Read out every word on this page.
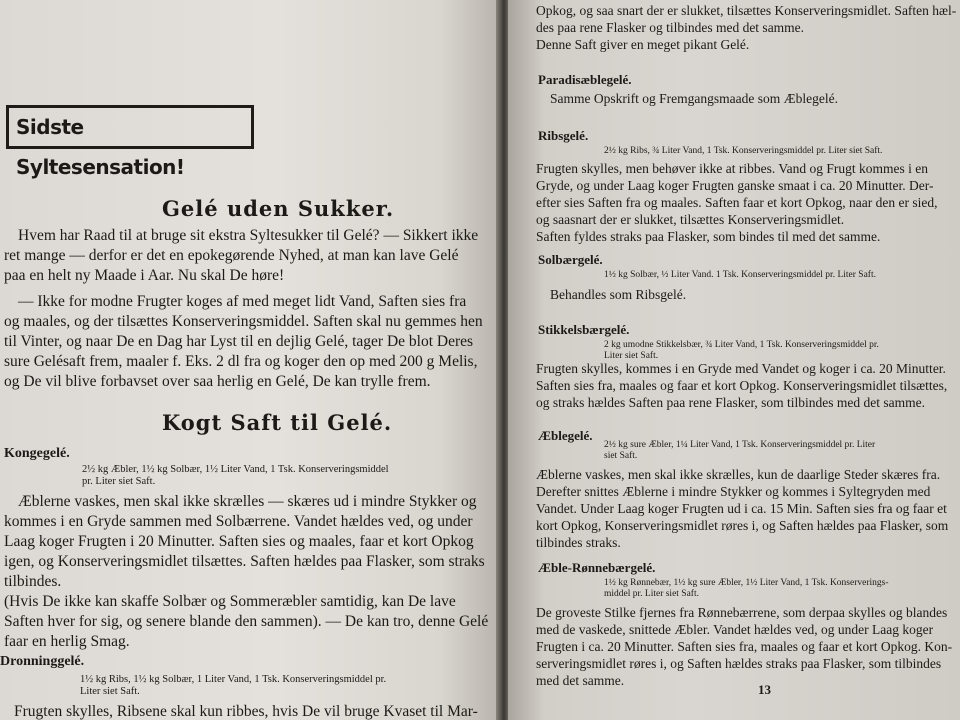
Sidste Syltesensation!
Gelé uden Sukker.
Hvem har Raad til at bruge sit ekstra Syltesukker til Gelé? — Sikkert ikke
ret mange — derfor er det en epokegørende Nyhed, at man kan lave Gelé
paa en helt ny Maade i Aar. Nu skal De høre!
— Ikke for modne Frugter koges af med meget lidt Vand, Saften sies fra
og maales, og der tilsættes Konserveringsmiddel. Saften skal nu gemmes hen
til Vinter, og naar De en Dag har Lyst til en dejlig Gelé, tager De blot Deres
sure Gelésaft frem, maaler f. Eks. 2 dl fra og koger den op med 200 g Melis,
og De vil blive forbavset over saa herlig en Gelé, De kan trylle frem.
Kogt Saft til Gelé.
Kongegelé.
2½ kg Æbler, 1½ kg Solbær, 1½ Liter Vand, 1 Tsk. Konserveringsmiddel
pr. Liter siet Saft.
Æblerne vaskes, men skal ikke skrælles — skæres ud i mindre Stykker og
kommes i en Gryde sammen med Solbærrene. Vandet hældes ved, og under
Laag koger Frugten i 20 Minutter. Saften sies og maales, faar et kort Opkog
igen, og Konserveringsmidlet tilsættes. Saften hældes paa Flasker, som straks
tilbindes.
(Hvis De ikke kan skaffe Solbær og Sommeræbler samtidig, kan De lave
Saften hver for sig, og senere blande den sammen). — De kan tro, denne Gelé
faar en herlig Smag.
Dronninggelé.
1½ kg Ribs, 1½ kg Solbær, 1 Liter Vand, 1 Tsk. Konserveringsmiddel pr.
Liter siet Saft.
Frugten skylles, Ribsene skal kun ribbes, hvis De vil bruge Kvaset til Mar-
Opkog, og saa snart der er slukket, tilsættes Konserveringsmidlet. Saften hæl-
des paa rene Flasker og tilbindes med det samme.
Denne Saft giver en meget pikant Gelé.
Paradisæblegelé.
Samme Opskrift og Fremgangsmaade som Æblegelé.
Ribsgelé.
2½ kg Ribs, ¾ Liter Vand, 1 Tsk. Konserveringsmiddel pr. Liter siet Saft.
Frugten skylles, men behøver ikke at ribbes. Vand og Frugt kommes i en
Gryde, og under Laag koger Frugten ganske smaat i ca. 20 Minutter. Der-
efter sies Saften fra og maales. Saften faar et kort Opkog, naar den er sied,
og saasnart der er slukket, tilsættes Konserveringsmidlet.
Saften fyldes straks paa Flasker, som bindes til med det samme.
Solbærgelé.
1½ kg Solbær, ½ Liter Vand. 1 Tsk. Konserveringsmiddel pr. Liter Saft.
Behandles som Ribsgelé.
Stikkelsbærgelé.
2 kg umodne Stikkelsbær, ¾ Liter Vand, 1 Tsk. Konserveringsmiddel pr.
Liter siet Saft.
Frugten skylles, kommes i en Gryde med Vandet og koger i ca. 20 Minutter.
Saften sies fra, maales og faar et kort Opkog. Konserveringsmidlet tilsættes,
og straks hældes Saften paa rene Flasker, som tilbindes med det samme.
Æblegelé.
2½ kg sure Æbler, 1¼ Liter Vand, 1 Tsk. Konserveringsmiddel pr. Liter
siet Saft.
Æblerne vaskes, men skal ikke skrælles, kun de daarlige Steder skæres fra.
Derefter snittes Æblerne i mindre Stykker og kommes i Syltegryden med
Vandet. Under Laag koger Frugten ud i ca. 15 Min. Saften sies fra og faar et
kort Opkog, Konserveringsmidlet røres i, og Saften hældes paa Flasker, som
tilbindes straks.
Æble-Rønnebærgelé.
1½ kg Rønnebær, 1½ kg sure Æbler, 1½ Liter Vand, 1 Tsk. Konserverings-
middel pr. Liter siet Saft.
De groveste Stilke fjernes fra Rønnebærrene, som derpaa skylles og blandes
med de vaskede, snittede Æbler. Vandet hældes ved, og under Laag koger
Frugten i ca. 20 Minutter. Saften sies fra, maales og faar et kort Opkog. Kon-
serveringsmidlet røres i, og Saften hældes straks paa Flasker, som tilbindes
med det samme.
13
